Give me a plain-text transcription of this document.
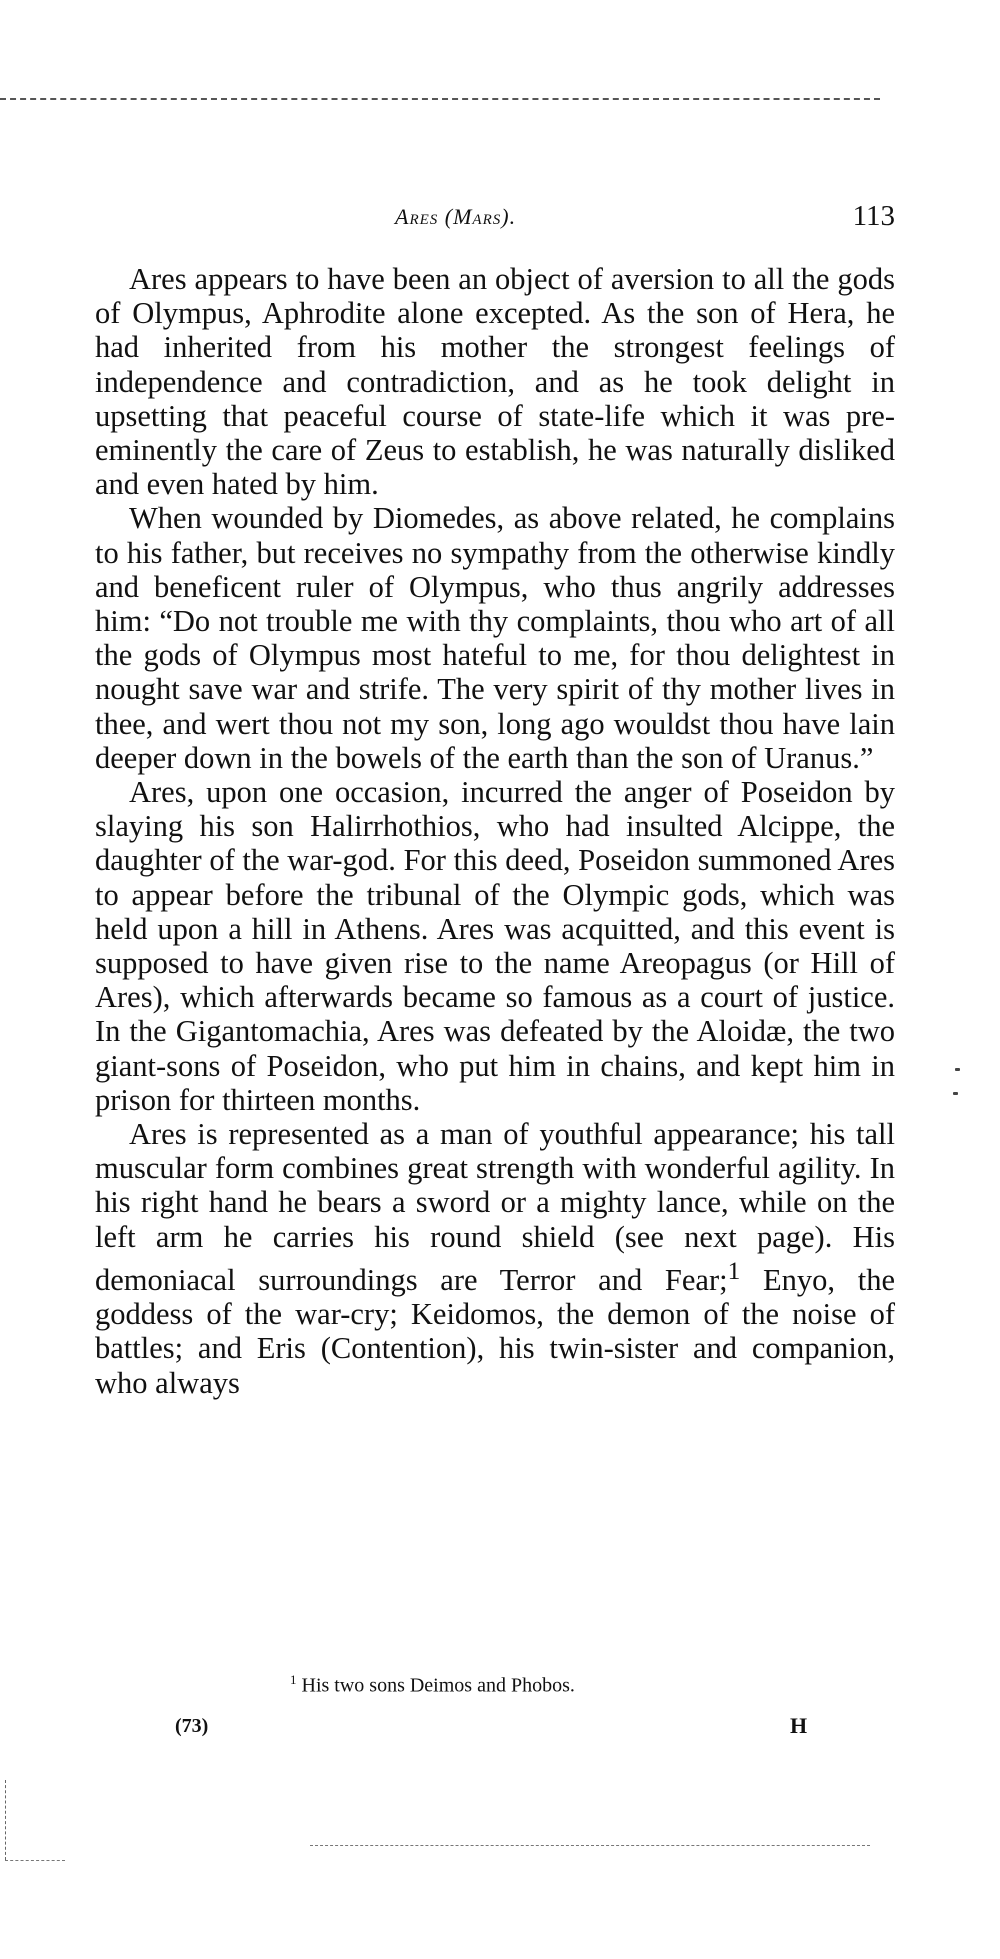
Ares (Mars).	113

Ares appears to have been an object of aversion to all the gods of Olympus, Aphrodite alone excepted. As the son of Hera, he had inherited from his mother the strongest feelings of independence and contradiction, and as he took delight in upsetting that peaceful course of state-life which it was pre-eminently the care of Zeus to establish, he was naturally disliked and even hated by him.

When wounded by Diomedes, as above related, he complains to his father, but receives no sympathy from the otherwise kindly and beneficent ruler of Olympus, who thus angrily addresses him: “Do not trouble me with thy complaints, thou who art of all the gods of Olympus most hateful to me, for thou delightest in nought save war and strife. The very spirit of thy mother lives in thee, and wert thou not my son, long ago wouldst thou have lain deeper down in the bowels of the earth than the son of Uranus.”

Ares, upon one occasion, incurred the anger of Poseidon by slaying his son Halirrhothios, who had insulted Alcippe, the daughter of the war-god. For this deed, Poseidon summoned Ares to appear before the tribunal of the Olympic gods, which was held upon a hill in Athens. Ares was acquitted, and this event is supposed to have given rise to the name Areopagus (or Hill of Ares), which afterwards became so famous as a court of justice. In the Gigantomachia, Ares was defeated by the Aloidæ, the two giant-sons of Poseidon, who put him in chains, and kept him in prison for thirteen months.

Ares is represented as a man of youthful appearance; his tall muscular form combines great strength with wonderful agility. In his right hand he bears a sword or a mighty lance, while on the left arm he carries his round shield (see next page). His demoniacal surroundings are Terror and Fear;$^1$ Enyo, the goddess of the war-cry; Keidomos, the demon of the noise of battles; and Eris (Contention), his twin-sister and companion, who always

$^1$ His two sons Deimos and Phobos.
(73)	H
